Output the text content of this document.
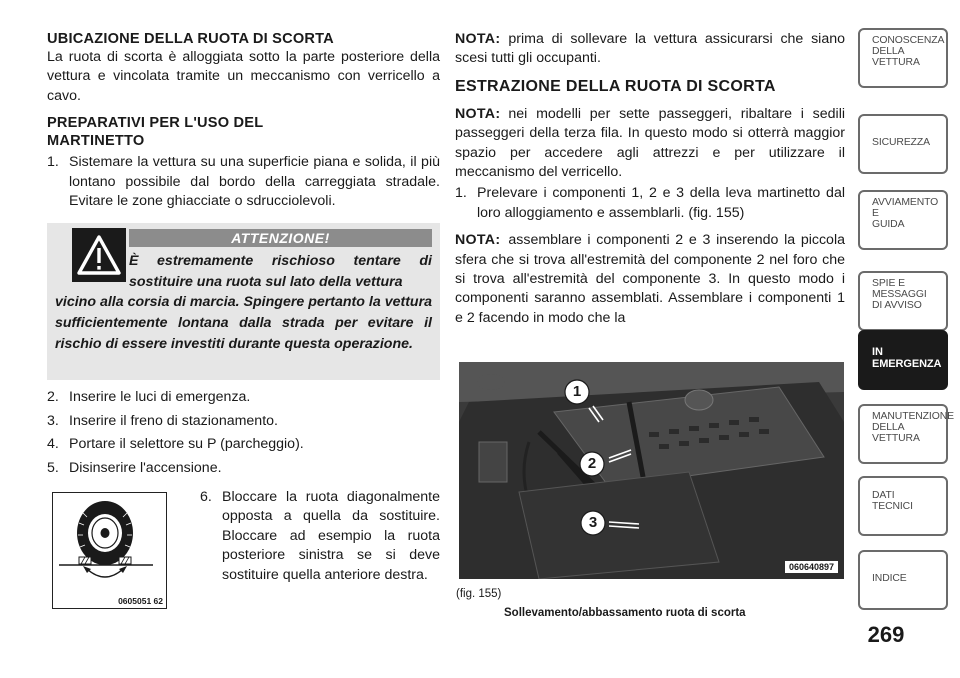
UBICAZIONE DELLA RUOTA DI SCORTA
La ruota di scorta è alloggiata sotto la parte posteriore della vettura e vincolata tramite un meccanismo con verricello a cavo.
PREPARATIVI PER L'USO DEL
MARTINETTO
1. Sistemare la vettura su una superficie piana e solida, il più lontano possibile dal bordo della carreggiata stradale. Evitare le zone ghiacciate o sdrucciolevoli.
ATTENZIONE!
È estremamente rischioso tentare di sostituire una ruota sul lato della vettura
vicino alla corsia di marcia. Spingere pertanto la vettura sufficientemente lontana dalla strada per evitare il rischio di essere investiti durante questa operazione.
2. Inserire le luci di emergenza.
3. Inserire il freno di stazionamento.
4. Portare il selettore su P (parcheggio).
5. Disinserire l'accensione.
0605051 62
6. Bloccare la ruota diagonalmente opposta a quella da sostituire. Bloccare ad esempio la ruota posteriore sinistra se si deve sostituire quella anteriore destra.
NOTA: prima di sollevare la vettura assicurarsi che siano scesi tutti gli occupanti.
ESTRAZIONE DELLA RUOTA DI SCORTA
NOTA: nei modelli per sette passeggeri, ribaltare i sedili passeggeri della terza fila. In questo modo si otterrà maggior spazio per accedere agli attrezzi e per utilizzare il meccanismo del verricello.
1. Prelevare i componenti 1, 2 e 3 della leva martinetto dal loro alloggiamento e assemblarli. (fig. 155)
NOTA: assemblare i componenti 2 e 3 inserendo la piccola sfera che si trova all'estremità del componente 2 nel foro che si trova all'estremità del componente 3. In questo modo i componenti saranno assemblati. Assemblare i componenti 1 e 2 facendo in modo che la
1
2
3
060640897
(fig. 155)
Sollevamento/abbassamento ruota di scorta
CONOSCENZA
DELLA
VETTURA
SICUREZZA
AVVIAMENTO
E
GUIDA
SPIE E
MESSAGGI
DI AVVISO
IN
EMERGENZA
MANUTENZIONE
DELLA
VETTURA
DATI
TECNICI
INDICE
269
